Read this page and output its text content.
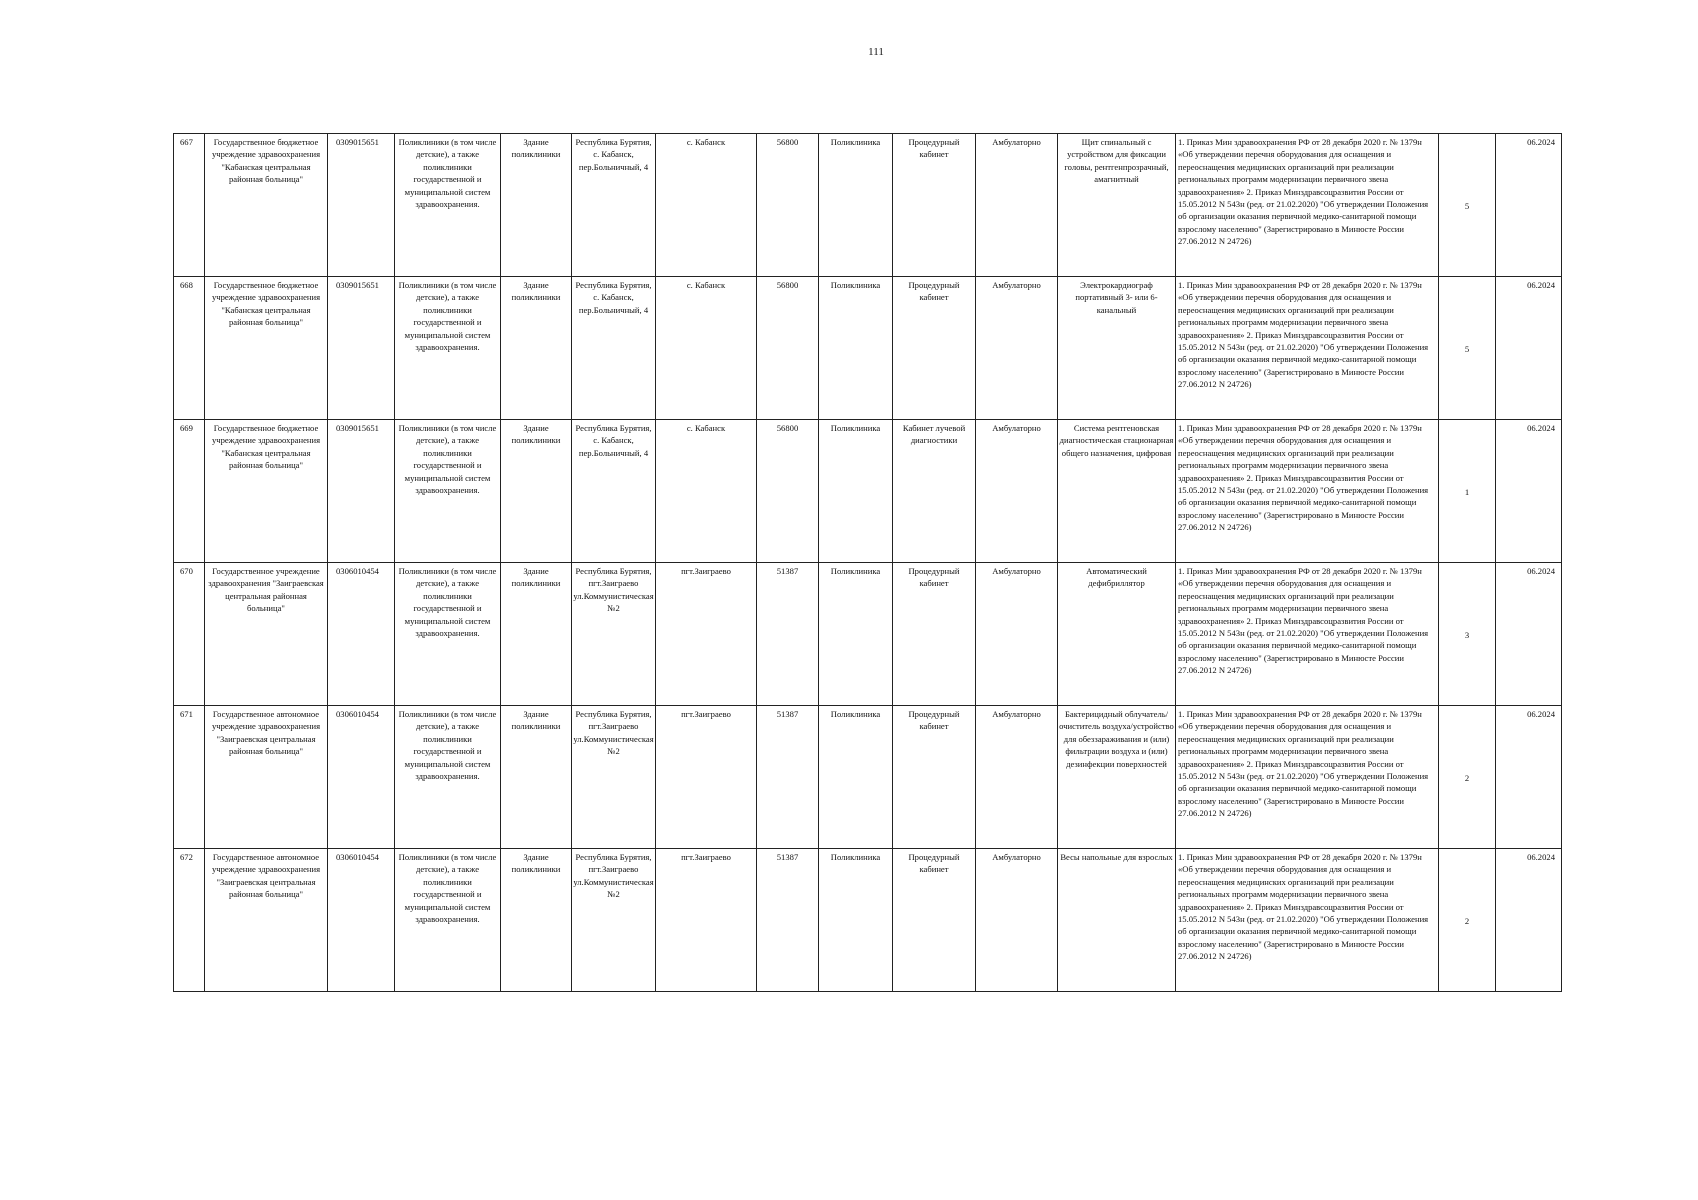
111
667	Государственное бюджетное учреждение здравоохранения "Кабанская центральная районная больница"	0309015651	Поликлиники (в том числе детские), а также поликлиники государственной и муниципальной систем здравоохранения.	Здание поликлиники	Республика Бурятия, с. Кабанск, пер.Больничный, 4	с. Кабанск	56800	Поликлиника	Процедурный кабинет	Амбулаторно	Щит спинальный с устройством для фиксации головы, рентгенпрозрачный, амагнитный	1. Приказ Мин здравоохранения РФ от 28 декабря 2020 г. № 1379н «Об утверждении перечня оборудования для оснащения и переоснащения медицинских организаций при реализации региональных программ модернизации первичного звена здравоохранения» 2. Приказ Минздравсоцразвития России от 15.05.2012 N 543н (ред. от 21.02.2020) "Об утверждении Положения об организации оказания первичной медико-санитарной помощи взрослому населению" (Зарегистрировано в Минюсте России 27.06.2012 N 24726)	5	06.2024
668	Государственное бюджетное учреждение здравоохранения "Кабанская центральная районная больница"	0309015651	Поликлиники (в том числе детские), а также поликлиники государственной и муниципальной систем здравоохранения.	Здание поликлиники	Республика Бурятия, с. Кабанск, пер.Больничный, 4	с. Кабанск	56800	Поликлиника	Процедурный кабинет	Амбулаторно	Электрокардиограф портативный 3- или 6-канальный	1. Приказ Мин здравоохранения РФ от 28 декабря 2020 г. № 1379н «Об утверждении перечня оборудования для оснащения и переоснащения медицинских организаций при реализации региональных программ модернизации первичного звена здравоохранения» 2. Приказ Минздравсоцразвития России от 15.05.2012 N 543н (ред. от 21.02.2020) "Об утверждении Положения об организации оказания первичной медико-санитарной помощи взрослому населению" (Зарегистрировано в Минюсте России 27.06.2012 N 24726)	5	06.2024
669	Государственное бюджетное учреждение здравоохранения "Кабанская центральная районная больница"	0309015651	Поликлиники (в том числе детские), а также поликлиники государственной и муниципальной систем здравоохранения.	Здание поликлиники	Республика Бурятия, с. Кабанск, пер.Больничный, 4	с. Кабанск	56800	Поликлиника	Кабинет лучевой диагностики	Амбулаторно	Система рентгеновская диагностическая стационарная общего назначения, цифровая	1. Приказ Мин здравоохранения РФ от 28 декабря 2020 г. № 1379н «Об утверждении перечня оборудования для оснащения и переоснащения медицинских организаций при реализации региональных программ модернизации первичного звена здравоохранения» 2. Приказ Минздравсоцразвития России от 15.05.2012 N 543н (ред. от 21.02.2020) "Об утверждении Положения об организации оказания первичной медико-санитарной помощи взрослому населению" (Зарегистрировано в Минюсте России 27.06.2012 N 24726)	1	06.2024
670	Государственное учреждение здравоохранения "Заиграевская центральная районная больница"	0306010454	Поликлиники (в том числе детские), а также поликлиники государственной и муниципальной систем здравоохранения.	Здание поликлиники	Республика Бурятия, пгт.Заиграево ул.Коммунистическая №2	пгт.Заиграево	51387	Поликлиника	Процедурный кабинет	Амбулаторно	Автоматический дефибриллятор	1. Приказ Мин здравоохранения РФ от 28 декабря 2020 г. № 1379н «Об утверждении перечня оборудования для оснащения и переоснащения медицинских организаций при реализации региональных программ модернизации первичного звена здравоохранения» 2. Приказ Минздравсоцразвития России от 15.05.2012 N 543н (ред. от 21.02.2020) "Об утверждении Положения об организации оказания первичной медико-санитарной помощи взрослому населению" (Зарегистрировано в Минюсте России 27.06.2012 N 24726)	3	06.2024
671	Государственное автономное учреждение здравоохранения "Заиграевская центральная районная больница"	0306010454	Поликлиники (в том числе детские), а также поликлиники государственной и муниципальной систем здравоохранения.	Здание поликлиники	Республика Бурятия, пгт.Заиграево ул.Коммунистическая №2	пгт.Заиграево	51387	Поликлиника	Процедурный кабинет	Амбулаторно	Бактерицидный облучатель/очиститель воздуха/устройство для обеззараживания и (или) фильтрации воздуха и (или) дезинфекции поверхностей	1. Приказ Мин здравоохранения РФ от 28 декабря 2020 г. № 1379н «Об утверждении перечня оборудования для оснащения и переоснащения медицинских организаций при реализации региональных программ модернизации первичного звена здравоохранения» 2. Приказ Минздравсоцразвития России от 15.05.2012 N 543н (ред. от 21.02.2020) "Об утверждении Положения об организации оказания первичной медико-санитарной помощи взрослому населению" (Зарегистрировано в Минюсте России 27.06.2012 N 24726)	2	06.2024
672	Государственное автономное учреждение здравоохранения "Заиграевская центральная районная больница"	0306010454	Поликлиники (в том числе детские), а также поликлиники государственной и муниципальной систем здравоохранения.	Здание поликлиники	Республика Бурятия, пгт.Заиграево ул.Коммунистическая №2	пгт.Заиграево	51387	Поликлиника	Процедурный кабинет	Амбулаторно	Весы напольные для взрослых	1. Приказ Мин здравоохранения РФ от 28 декабря 2020 г. № 1379н «Об утверждении перечня оборудования для оснащения и переоснащения медицинских организаций при реализации региональных программ модернизации первичного звена здравоохранения» 2. Приказ Минздравсоцразвития России от 15.05.2012 N 543н (ред. от 21.02.2020) "Об утверждении Положения об организации оказания первичной медико-санитарной помощи взрослому населению" (Зарегистрировано в Минюсте России 27.06.2012 N 24726)	2	06.2024
